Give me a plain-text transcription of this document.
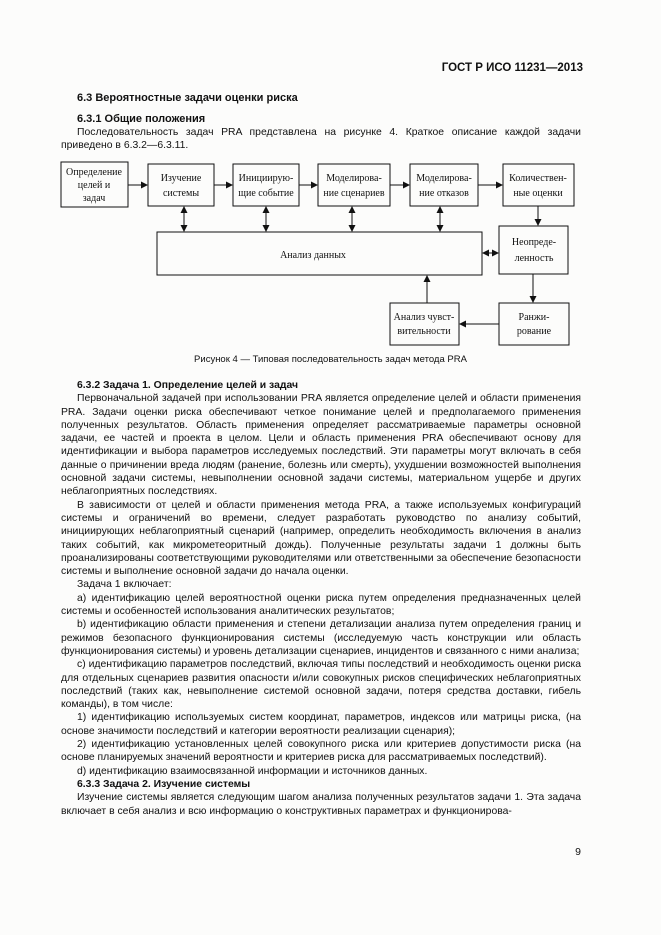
ГОСТ Р ИСО 11231—2013
6.3 Вероятностные задачи оценки риска
6.3.1 Общие положения

Последовательность задач PRA представлена на рисунке 4. Краткое описание каждой задачи приведено в 6.3.2—6.3.11.

Определение целей и задач
Изучение системы
Инициирую-щие событие
Моделирова-ние сценариев
Моделирова-ние отказов
Количествен-ные оценки
Анализ данных
Неопреде-ленность
Анализ чувст-вительности
Ранжи-рование
Рисунок 4 — Типовая последовательность задач метода PRA

6.3.2 Задача 1. Определение целей и задач

Первоначальной задачей при использовании PRA является определение целей и области применения PRA. Задачи оценки риска обеспечивают четкое понимание целей и предполагаемого применения полученных результатов. Область применения определяет рассматриваемые параметры основной задачи, ее частей и проекта в целом. Цели и область применения PRA обеспечивают основу для идентификации и выбора параметров исследуемых последствий. Эти параметры могут включать в себя данные о причинении вреда людям (ранение, болезнь или смерть), ухудшении возможностей выполнения основной задачи системы, невыполнении основной задачи системы, материальном ущербе и других неблагоприятных последствиях.

В зависимости от целей и области применения метода PRA, а также используемых конфигураций системы и ограничений во времени, следует разработать руководство по анализу событий, инициирующих неблагоприятный сценарий (например, определить необходимость включения в анализ таких событий, как микрометеоритный дождь). Полученные результаты задачи 1 должны быть проанализированы соответствующими руководителями или ответственными за обеспечение безопасности системы и выполнение основной задачи до начала оценки.

Задача 1 включает:

а) идентификацию целей вероятностной оценки риска путем определения предназначенных целей системы и особенностей использования аналитических результатов;

b) идентификацию области применения и степени детализации анализа путем определения границ и режимов безопасного функционирования системы (исследуемую часть конструкции или область функционирования системы) и уровень детализации сценариев, инцидентов и связанного с ними анализа;

c) идентификацию параметров последствий, включая типы последствий и необходимость оценки риска для отдельных сценариев развития опасности и/или совокупных рисков специфических неблагоприятных последствий (таких как, невыполнение системой основной задачи, потеря средства доставки, гибель команды), в том числе:

1) идентификацию используемых систем координат, параметров, индексов или матрицы риска, (на основе значимости последствий и категории вероятности реализации сценария);

2) идентификацию установленных целей совокупного риска или критериев допустимости риска (на основе планируемых значений вероятности и критериев риска для рассматриваемых последствий).

d) идентификацию взаимосвязанной информации и источников данных.

6.3.3 Задача 2. Изучение системы

Изучение системы является следующим шагом анализа полученных результатов задачи 1. Эта задача включает в себя анализ и всю информацию о конструктивных параметрах и функционирова-

9
